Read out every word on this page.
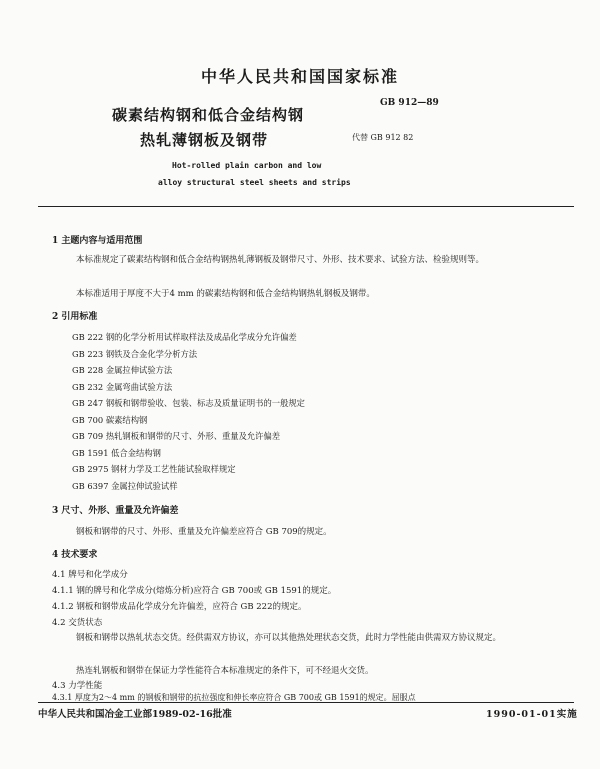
中华人民共和国国家标准
碳素结构钢和低合金结构钢
热轧薄钢板及钢带
GB 912—89
代替 GB 912 82
Hot-rolled plain carbon and low
alloy structural steel sheets and strips
1 主题内容与适用范围
本标准规定了碳素结构钢和低合金结构钢热轧薄钢板及钢带尺寸、外形、技术要求、试验方法、检验规则等。
本标准适用于厚度不大于4 mm 的碳素结构钢和低合金结构钢热轧钢板及钢带。
2 引用标准
GB 222 钢的化学分析用试样取样法及成品化学成分允许偏差
GB 223 钢铁及合金化学分析方法
GB 228 金属拉伸试验方法
GB 232 金属弯曲试验方法
GB 247 钢板和钢带验收、包装、标志及质量证明书的一般规定
GB 700 碳素结构钢
GB 709 热轧钢板和钢带的尺寸、外形、重量及允许偏差
GB 1591 低合金结构钢
GB 2975 钢材力学及工艺性能试验取样规定
GB 6397 金属拉伸试验试样
3 尺寸、外形、重量及允许偏差
钢板和钢带的尺寸、外形、重量及允许偏差应符合 GB 709的规定。
4 技术要求
4.1 牌号和化学成分
4.1.1 钢的牌号和化学成分(熔炼分析)应符合 GB 700或 GB 1591的规定。
4.1.2 钢板和钢带成品化学成分允许偏差，应符合 GB 222的规定。
4.2 交货状态
钢板和钢带以热轧状态交货。经供需双方协议，亦可以其他热处理状态交货，此时力学性能由供需双方协议规定。
热连轧钢板和钢带在保证力学性能符合本标准规定的条件下，可不经退火交货。
4.3 力学性能
4.3.1 厚度为2～4 mm 的钢板和钢带的抗拉强度和伸长率应符合 GB 700或 GB 1591的规定。屈服点
中华人民共和国冶金工业部1989-02-16批准	1990-01-01实施
